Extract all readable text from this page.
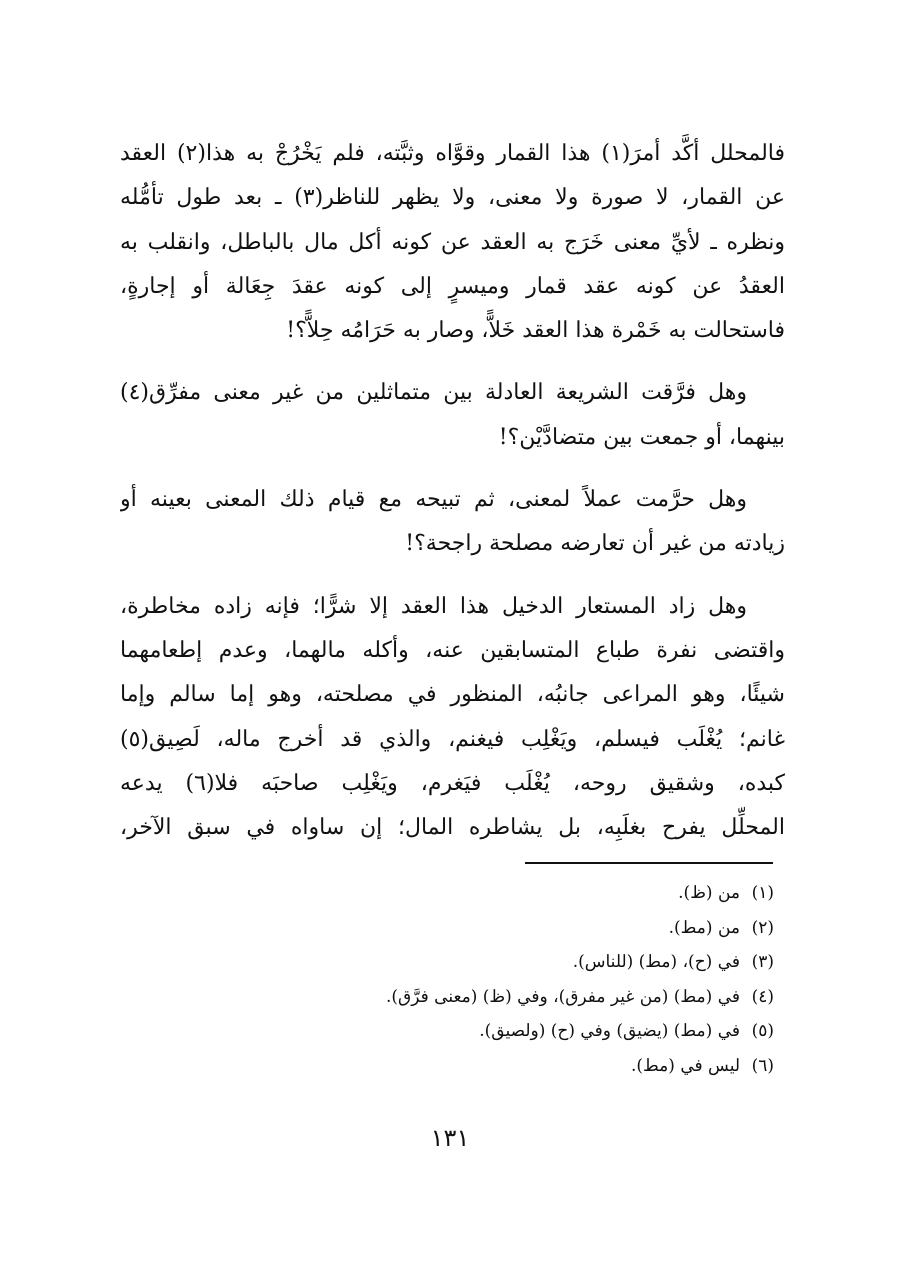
فالمحلل أكَّد أمرَ(١) هذا القمار وقوَّاه وثبَّته، فلم يَخْرُجْ به هذا(٢) العقد
عن القمار، لا صورة ولا معنى، ولا يظهر للناظر(٣) ـ بعد طول تأمُّله
ونظره ـ لأيِّ معنى خَرَج به العقد عن كونه أكل مال بالباطل، وانقلب به
العقدُ عن كونه عقد قمار وميسرٍ إلى كونه عقدَ جِعَالة أو إجارةٍ،
فاستحالت به خَمْرة هذا العقد خَلاًّ، وصار به حَرَامُه حِلاًّ؟!

وهل فرَّقت الشريعة العادلة بين متماثلين من غير معنى مفرِّق(٤)
بينهما، أو جمعت بين متضادَّيْن؟!

وهل حرَّمت عملاً لمعنى، ثم تبيحه مع قيام ذلك المعنى بعينه أو
زيادته من غير أن تعارضه مصلحة راجحة؟!

وهل زاد المستعار الدخيل هذا العقد إلا شرًّا؛ فإنه زاده مخاطرة،
واقتضى نفرة طباع المتسابقين عنه، وأكله مالهما، وعدم إطعامهما
شيئًا، وهو المراعى جانبُه، المنظور في مصلحته، وهو إما سالم وإما
غانم؛ يُغْلَب فيسلم، ويَغْلِب فيغنم، والذي قد أخرج ماله، لَصِيق(٥)
كبده، وشقيق روحه، يُغْلَب فيَغرم، ويَغْلِب صاحبَه فلا(٦) يدعه
المحلِّل يفرح بغلَبِه، بل يشاطره المال؛ إن ساواه في سبق الآخر،

(١)من (ظ).
(٢)من (مط).
(٣)في (ح)، (مط) (للناس).
(٤)في (مط) (من غير مفرق)، وفي (ظ) (معنى فرَّق).
(٥)في (مط) (يضيق) وفي (ح) (ولصيق).
(٦)ليس في (مط).
١٣١
